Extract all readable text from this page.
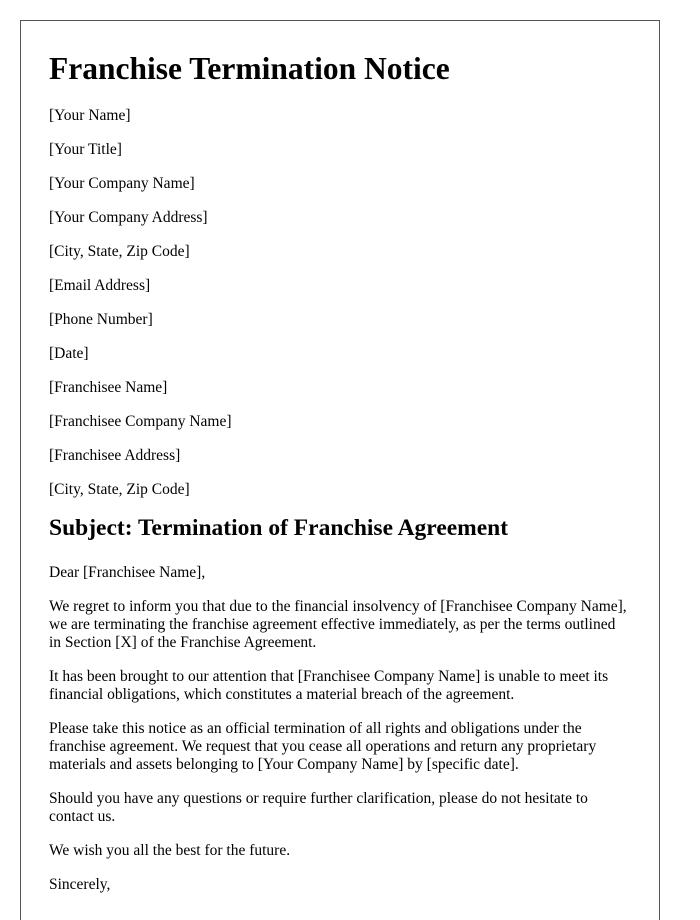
Franchise Termination Notice

[Your Name]

[Your Title]

[Your Company Name]

[Your Company Address]

[City, State, Zip Code]

[Email Address]

[Phone Number]

[Date]

[Franchisee Name]

[Franchisee Company Name]

[Franchisee Address]

[City, State, Zip Code]

Subject: Termination of Franchise Agreement

Dear [Franchisee Name],

We regret to inform you that due to the financial insolvency of [Franchisee Company Name], we are terminating the franchise agreement effective immediately, as per the terms outlined in Section [X] of the Franchise Agreement.

It has been brought to our attention that [Franchisee Company Name] is unable to meet its financial obligations, which constitutes a material breach of the agreement.

Please take this notice as an official termination of all rights and obligations under the franchise agreement. We request that you cease all operations and return any proprietary materials and assets belonging to [Your Company Name] by [specific date].

Should you have any questions or require further clarification, please do not hesitate to contact us.

We wish you all the best for the future.

Sincerely,
